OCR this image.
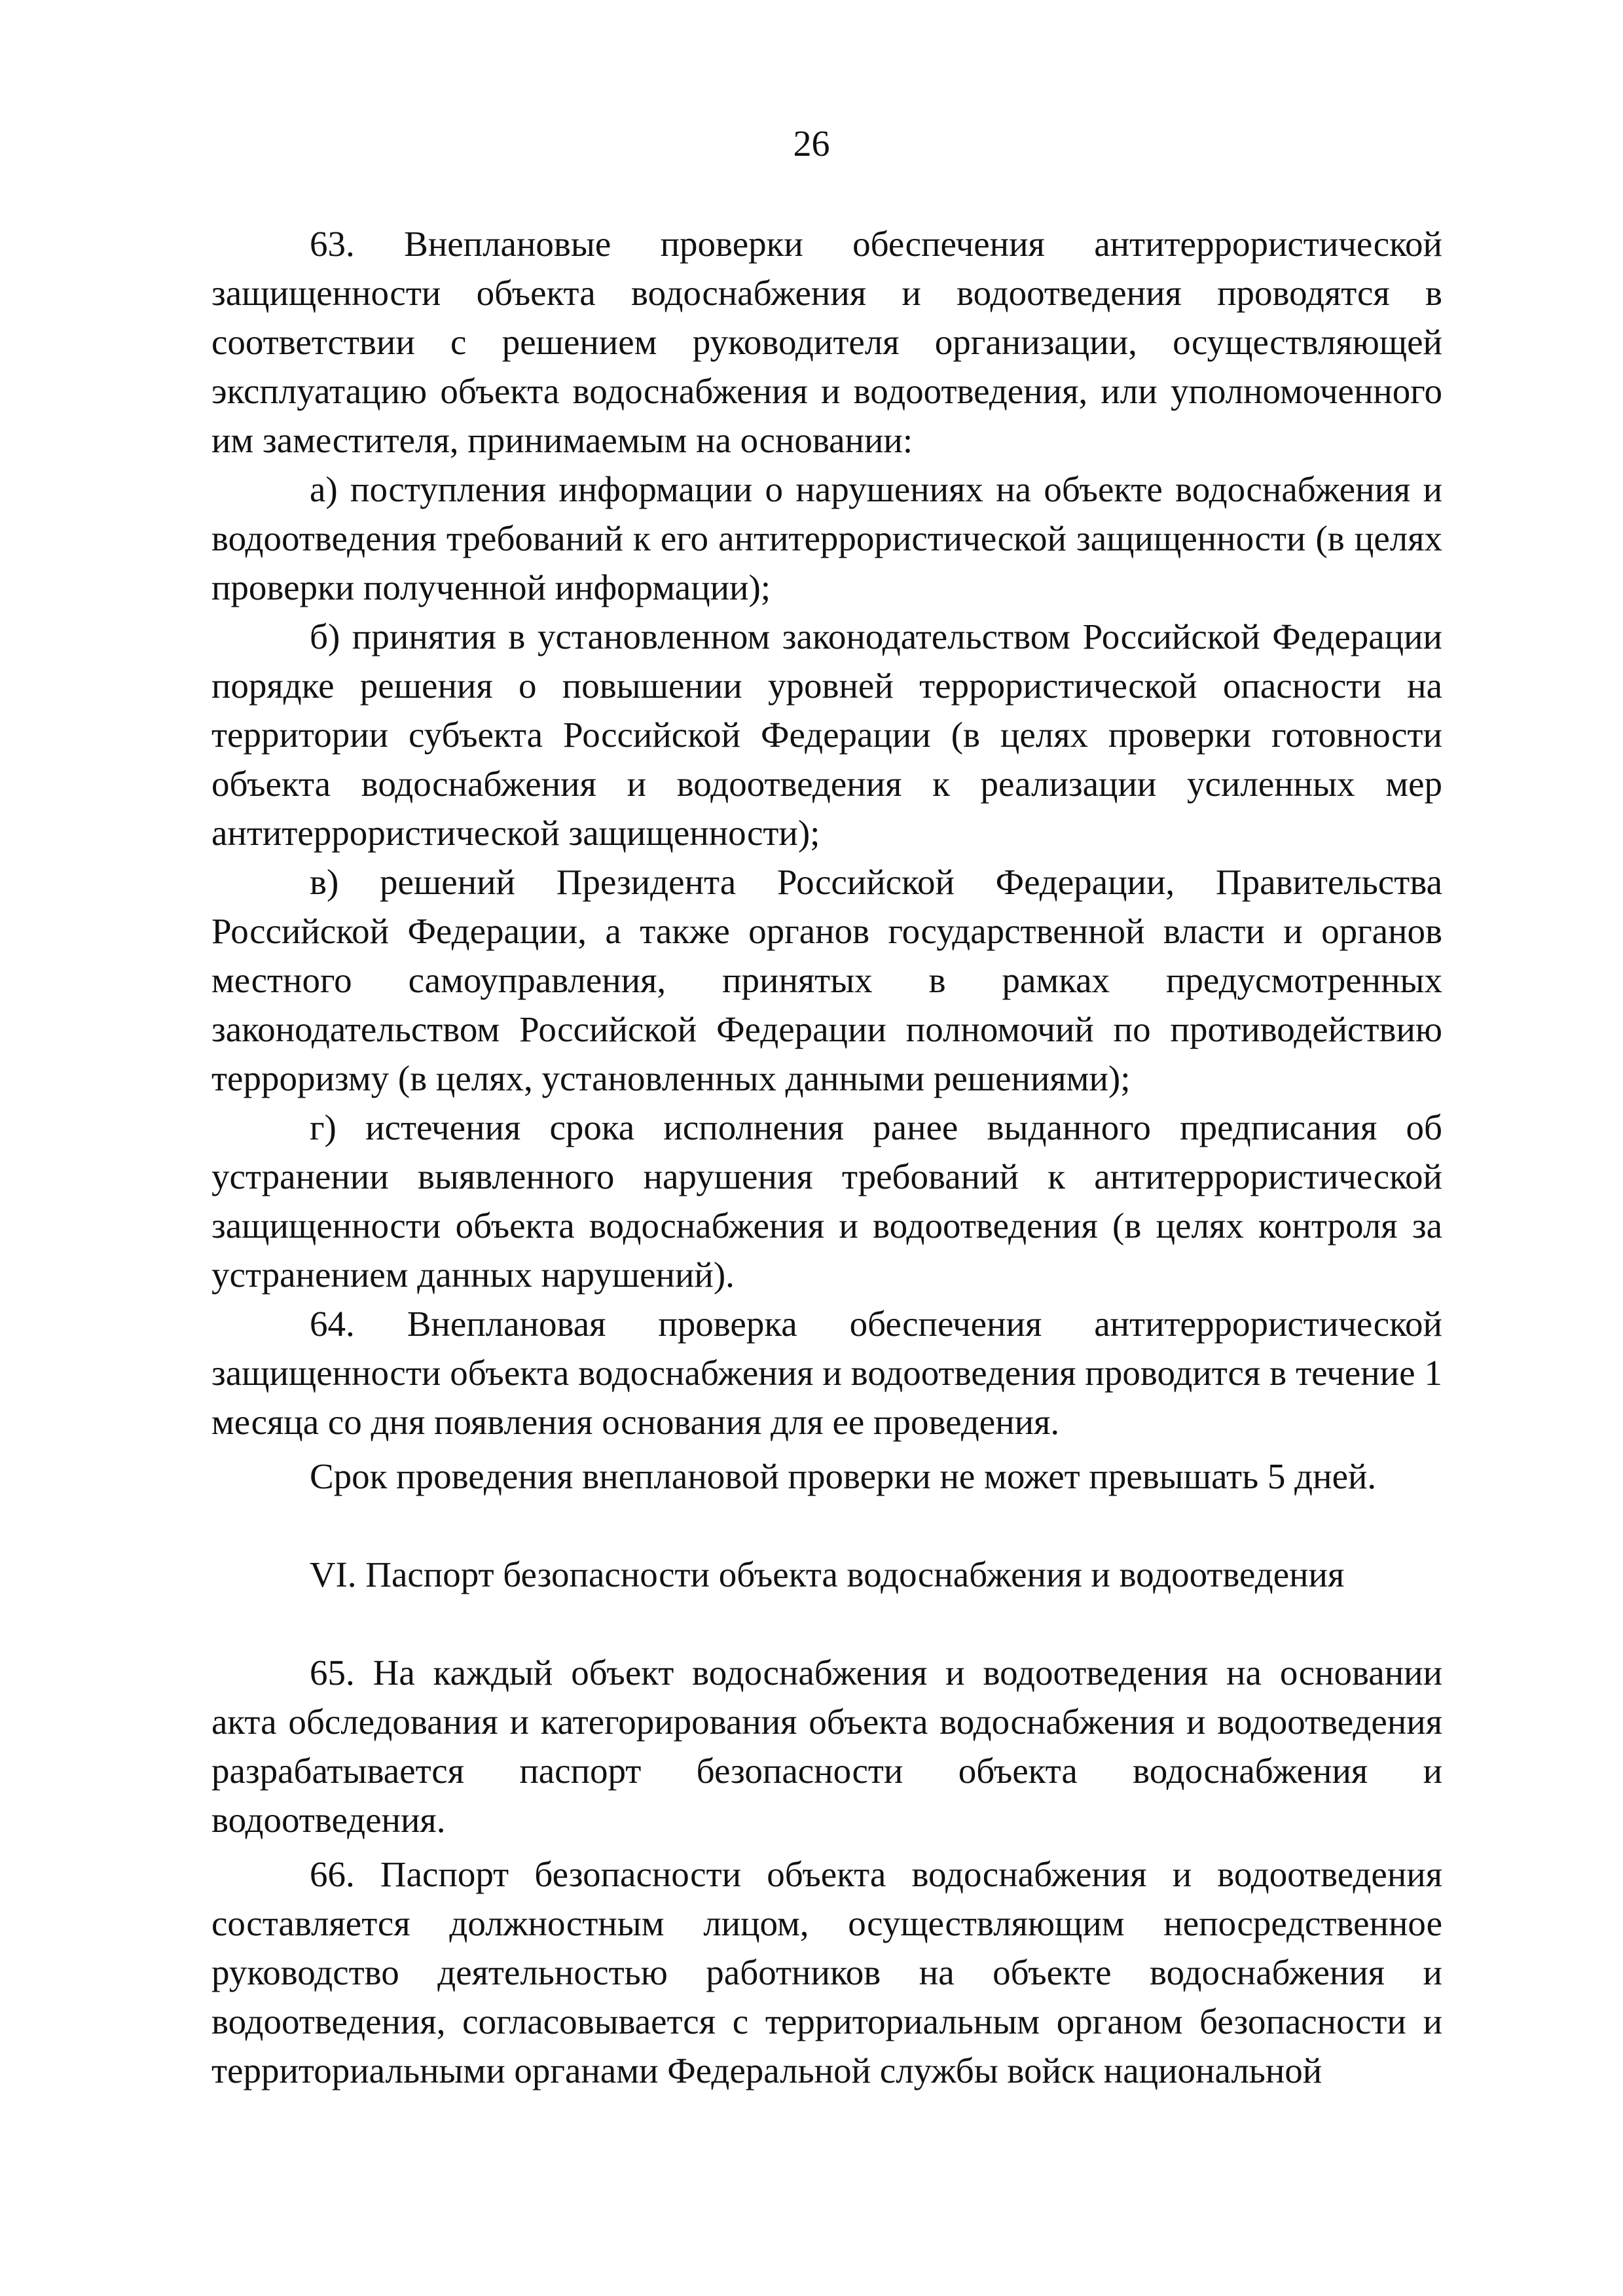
26

63. Внеплановые проверки обеспечения антитеррористической защищенности объекта водоснабжения и водоотведения проводятся в соответствии с решением руководителя организации, осуществляющей эксплуатацию объекта водоснабжения и водоотведения, или уполномоченного им заместителя, принимаемым на основании:

а) поступления информации о нарушениях на объекте водоснабжения и водоотведения требований к его антитеррористической защищенности (в целях проверки полученной информации);

б) принятия в установленном законодательством Российской Федерации порядке решения о повышении уровней террористической опасности на территории субъекта Российской Федерации (в целях проверки готовности объекта водоснабжения и водоотведения к реализации усиленных мер антитеррористической защищенности);

в) решений Президента Российской Федерации, Правительства Российской Федерации, а также органов государственной власти и органов местного самоуправления, принятых в рамках предусмотренных законодательством Российской Федерации полномочий по противодействию терроризму (в целях, установленных данными решениями);

г) истечения срока исполнения ранее выданного предписания об устранении выявленного нарушения требований к антитеррористической защищенности объекта водоснабжения и водоотведения (в целях контроля за устранением данных нарушений).

64. Внеплановая проверка обеспечения антитеррористической защищенности объекта водоснабжения и водоотведения проводится в течение 1 месяца со дня появления основания для ее проведения.

Срок проведения внеплановой проверки не может превышать 5 дней.

VI. Паспорт безопасности объекта водоснабжения и водоотведения

65. На каждый объект водоснабжения и водоотведения на основании акта обследования и категорирования объекта водоснабжения и водоотведения разрабатывается паспорт безопасности объекта водоснабжения и водоотведения.

66. Паспорт безопасности объекта водоснабжения и водоотведения составляется должностным лицом, осуществляющим непосредственное руководство деятельностью работников на объекте водоснабжения и водоотведения, согласовывается с территориальным органом безопасности и территориальными органами Федеральной службы войск национальной
